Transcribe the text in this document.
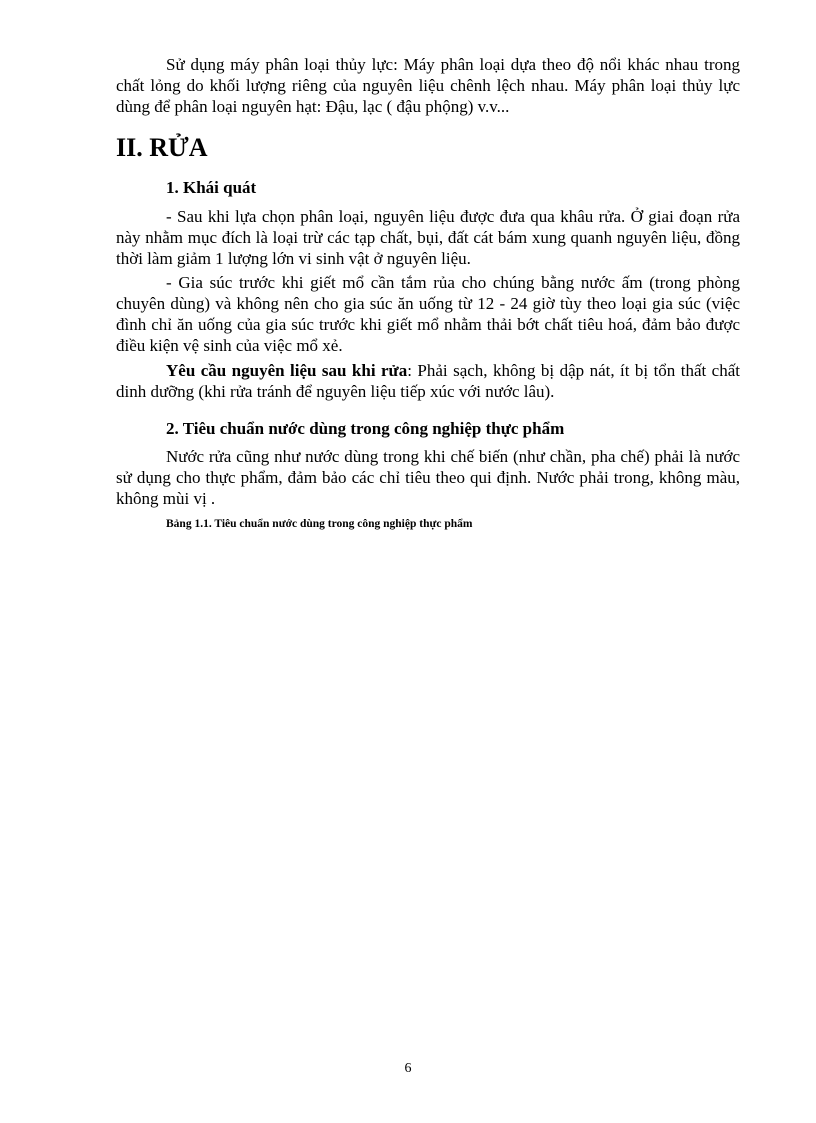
Sử dụng máy phân loại thủy lực: Máy phân loại dựa theo độ nổi khác nhau trong chất lỏng do khối lượng riêng của nguyên liệu chênh lệch nhau. Máy phân loại thủy lực dùng để phân loại nguyên hạt: Đậu, lạc ( đậu phộng) v.v...

II. RỬA
1. Khái quát

- Sau khi lựa chọn phân loại, nguyên liệu được đưa qua khâu rửa. Ở giai đoạn rửa này nhằm mục đích là loại trừ các tạp chất, bụi, đất cát bám xung quanh nguyên liệu, đồng thời làm giảm 1 lượng lớn vi sinh vật ở nguyên liệu.

- Gia súc trước khi giết mổ cần tắm rủa cho chúng bằng nước ấm (trong phòng chuyên dùng) và không nên cho gia súc ăn uống từ 12 - 24 giờ tùy theo loại gia súc (việc đình chỉ ăn uống của gia súc trước khi giết mổ nhằm thải bớt chất tiêu hoá, đảm bảo được điều kiện vệ sinh của việc mổ xẻ.

Yêu cầu nguyên liệu sau khi rửa: Phải sạch, không bị dập nát, ít bị tổn thất chất dinh dưỡng (khi rửa tránh để nguyên liệu tiếp xúc với nước lâu).

2. Tiêu chuẩn nước dùng trong công nghiệp thực phẩm

Nước rửa cũng như nước dùng trong khi chế biến (như chần, pha chế) phải là nước sử dụng cho thực phẩm, đảm bảo các chỉ tiêu theo qui định. Nước phải trong, không màu, không mùi vị .

Bảng 1.1. Tiêu chuẩn nước dùng trong công nghiệp thực phẩm

6
